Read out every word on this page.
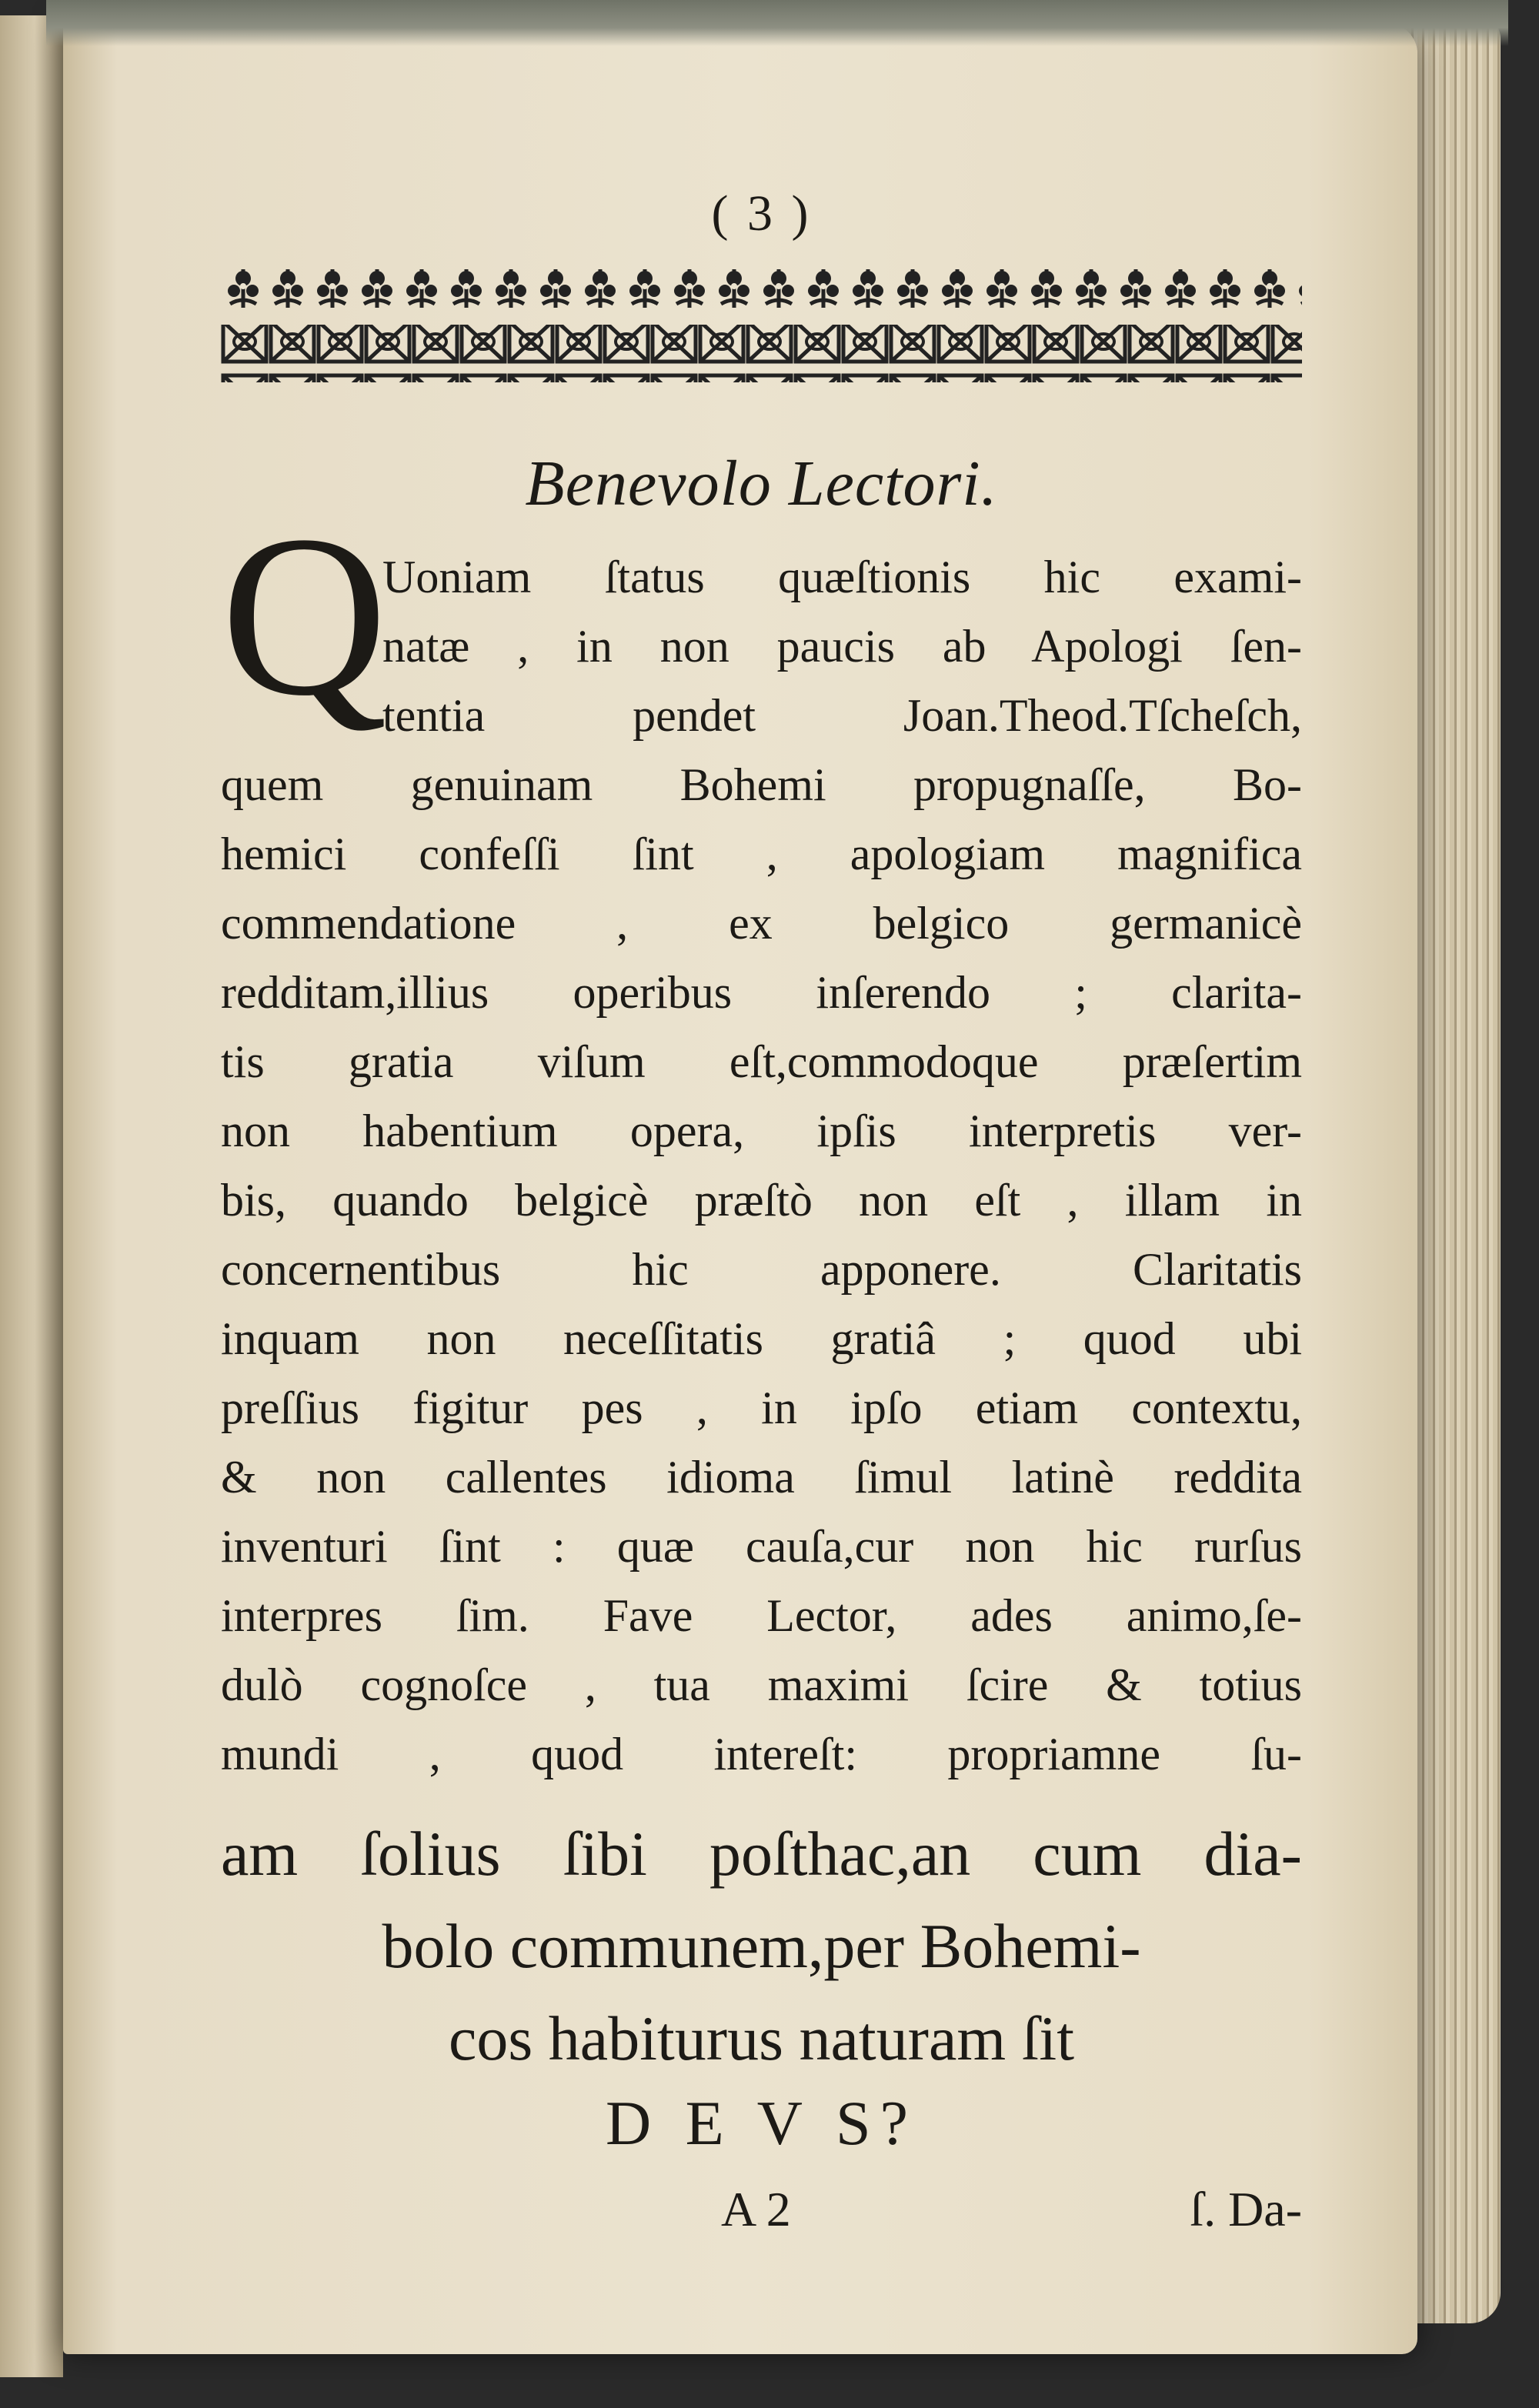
( 3 )
Benevolo Lectori.
Q
Uoniam ſtatus quæſtionis hic exami-
natæ , in non paucis ab Apologi ſen-
tentia pendet Joan.Theod.Tſcheſch,
quem genuinam Bohemi propugnaſſe, Bo-
hemici confeſſi ſint , apologiam magnifica
commendatione , ex belgico germanicè
redditam,illius operibus inſerendo ; clarita-
tis gratia viſum eſt,commodoque præſertim
non habentium opera, ipſis interpretis ver-
bis, quando belgicè præſtò non eſt , illam in
concernentibus hic apponere. Claritatis
inquam non neceſſitatis gratiâ ; quod ubi
preſſius figitur pes , in ipſo etiam contextu,
& non callentes idioma ſimul latinè reddita
inventuri ſint : quæ cauſa,cur non hic rurſus
interpres ſim. Fave Lector, ades animo,ſe-
dulò cognoſce , tua maximi ſcire & totius
mundi , quod intereſt: propriamne ſu-
am ſolius ſibi poſthac,an cum dia-
bolo communem,per Bohemi-
cos habiturus naturam ſit
D E V S?
A 2	ſ. Da-
